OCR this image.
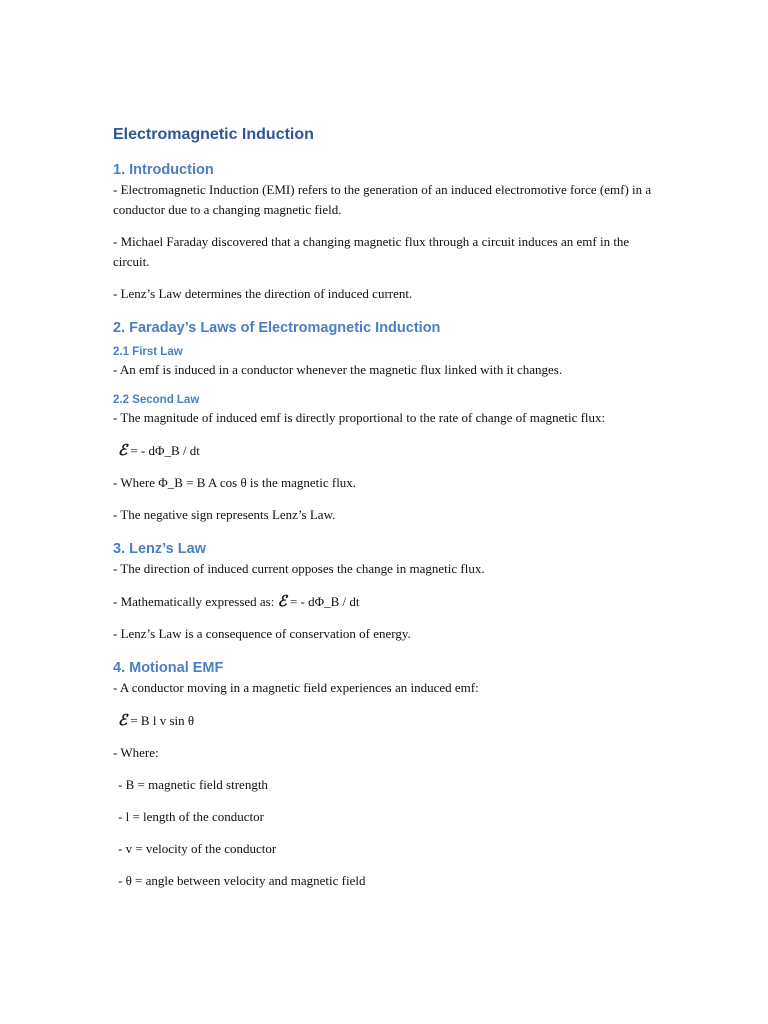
Electromagnetic Induction
1. Introduction
- Electromagnetic Induction (EMI) refers to the generation of an induced electromotive force (emf) in a conductor due to a changing magnetic field.
- Michael Faraday discovered that a changing magnetic flux through a circuit induces an emf in the circuit.
- Lenz’s Law determines the direction of induced current.
2. Faraday’s Laws of Electromagnetic Induction
2.1 First Law
- An emf is induced in a conductor whenever the magnetic flux linked with it changes.
2.2 Second Law
- The magnitude of induced emf is directly proportional to the rate of change of magnetic flux:
ℰ = - dΦ_B / dt
- Where Φ_B = B A cos θ is the magnetic flux.
- The negative sign represents Lenz’s Law.
3. Lenz’s Law
- The direction of induced current opposes the change in magnetic flux.
- Mathematically expressed as: ℰ = - dΦ_B / dt
- Lenz’s Law is a consequence of conservation of energy.
4. Motional EMF
- A conductor moving in a magnetic field experiences an induced emf:
ℰ = B l v sin θ
- Where:
- B = magnetic field strength
- l = length of the conductor
- v = velocity of the conductor
- θ = angle between velocity and magnetic field
